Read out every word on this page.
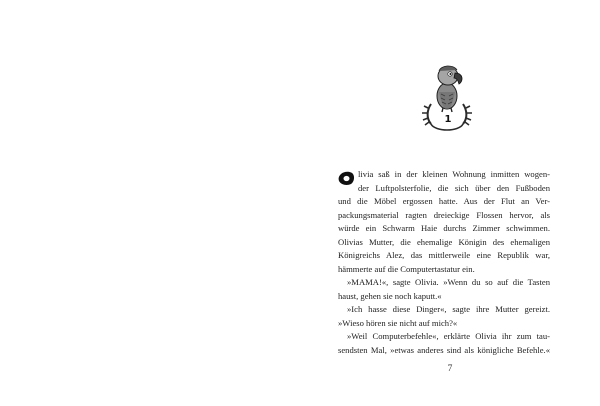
1
livia saß in der kleinen Wohnung inmitten wogen-
der Luftpolsterfolie, die sich über den Fußboden
und die Möbel ergossen hatte. Aus der Flut an Ver-
packungsmaterial ragten dreieckige Flossen hervor, als
würde ein Schwarm Haie durchs Zimmer schwimmen.
Olivias Mutter, die ehemalige Königin des ehemaligen
Königreichs Alez, das mittlerweile eine Republik war,
hämmerte auf die Computertastatur ein.
»MAMA!«, sagte Olivia. »Wenn du so auf die Tasten
haust, gehen sie noch kaputt.«
»Ich hasse diese Dinger«, sagte ihre Mutter gereizt.
»Wieso hören sie nicht auf mich?«
»Weil Computerbefehle«, erklärte Olivia ihr zum tau-
sendsten Mal, »etwas anderes sind als königliche Befehle.«
7
